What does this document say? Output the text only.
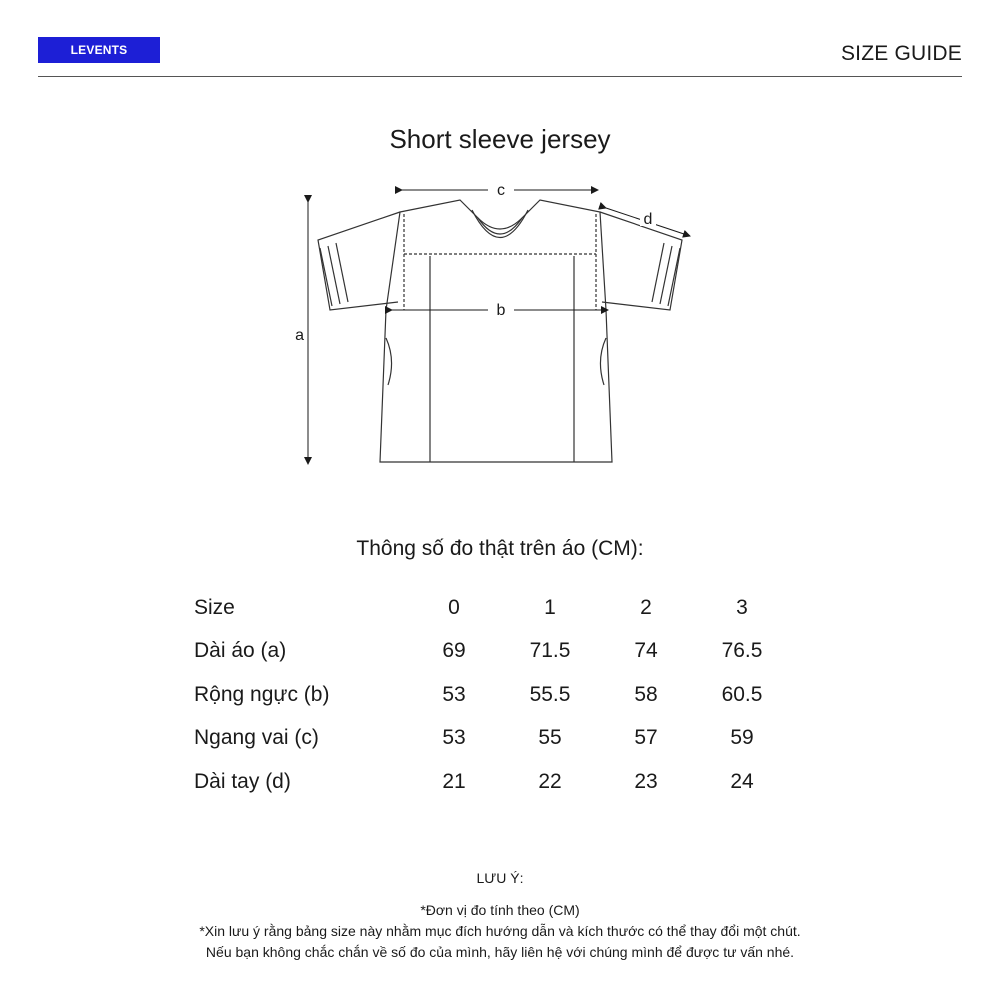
LEVENTS	SIZE GUIDE
Short sleeve jersey
a
b
c
d
Thông số đo thật trên áo (CM):
Size	0	1	2	3
Dài áo (a)	69	71.5	74	76.5
Rộng ngực (b)	53	55.5	58	60.5
Ngang vai (c)	53	55	57	59
Dài tay (d)	21	22	23	24
LƯU Ý:
*Đơn vị đo tính theo (CM)
*Xin lưu ý rằng bảng size này nhằm mục đích hướng dẫn và kích thước có thể thay đổi một chút.
Nếu bạn không chắc chắn về số đo của mình, hãy liên hệ với chúng mình để được tư vấn nhé.
